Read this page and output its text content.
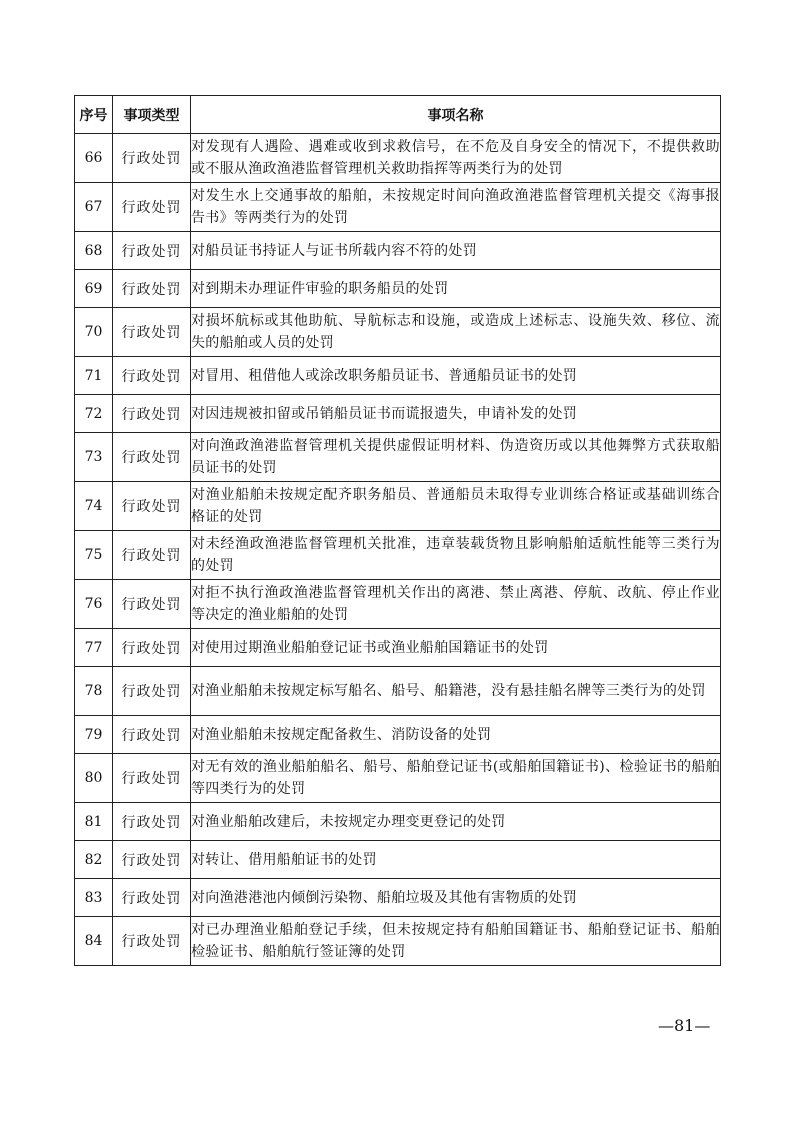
序号	事项类型	事项名称
66	行政处罚	对发现有人遇险、遇难或收到求救信号，在不危及自身安全的情况下，不提供救助或不服从渔政渔港监督管理机关救助指挥等两类行为的处罚
67	行政处罚	对发生水上交通事故的船舶，未按规定时间向渔政渔港监督管理机关提交《海事报告书》等两类行为的处罚
68	行政处罚	对船员证书持证人与证书所载内容不符的处罚
69	行政处罚	对到期未办理证件审验的职务船员的处罚
70	行政处罚	对损坏航标或其他助航、导航标志和设施，或造成上述标志、设施失效、移位、流失的船舶或人员的处罚
71	行政处罚	对冒用、租借他人或涂改职务船员证书、普通船员证书的处罚
72	行政处罚	对因违规被扣留或吊销船员证书而谎报遗失，申请补发的处罚
73	行政处罚	对向渔政渔港监督管理机关提供虚假证明材料、伪造资历或以其他舞弊方式获取船员证书的处罚
74	行政处罚	对渔业船舶未按规定配齐职务船员、普通船员未取得专业训练合格证或基础训练合格证的处罚
75	行政处罚	对未经渔政渔港监督管理机关批准，违章装载货物且影响船舶适航性能等三类行为的处罚
76	行政处罚	对拒不执行渔政渔港监督管理机关作出的离港、禁止离港、停航、改航、停止作业等决定的渔业船舶的处罚
77	行政处罚	对使用过期渔业船舶登记证书或渔业船舶国籍证书的处罚
78	行政处罚	对渔业船舶未按规定标写船名、船号、船籍港，没有悬挂船名牌等三类行为的处罚
79	行政处罚	对渔业船舶未按规定配备救生、消防设备的处罚
80	行政处罚	对无有效的渔业船舶船名、船号、船舶登记证书(或船舶国籍证书)、检验证书的船舶等四类行为的处罚
81	行政处罚	对渔业船舶改建后，未按规定办理变更登记的处罚
82	行政处罚	对转让、借用船舶证书的处罚
83	行政处罚	对向渔港港池内倾倒污染物、船舶垃圾及其他有害物质的处罚
84	行政处罚	对已办理渔业船舶登记手续，但未按规定持有船舶国籍证书、船舶登记证书、船舶检验证书、船舶航行签证簿的处罚
—81—
